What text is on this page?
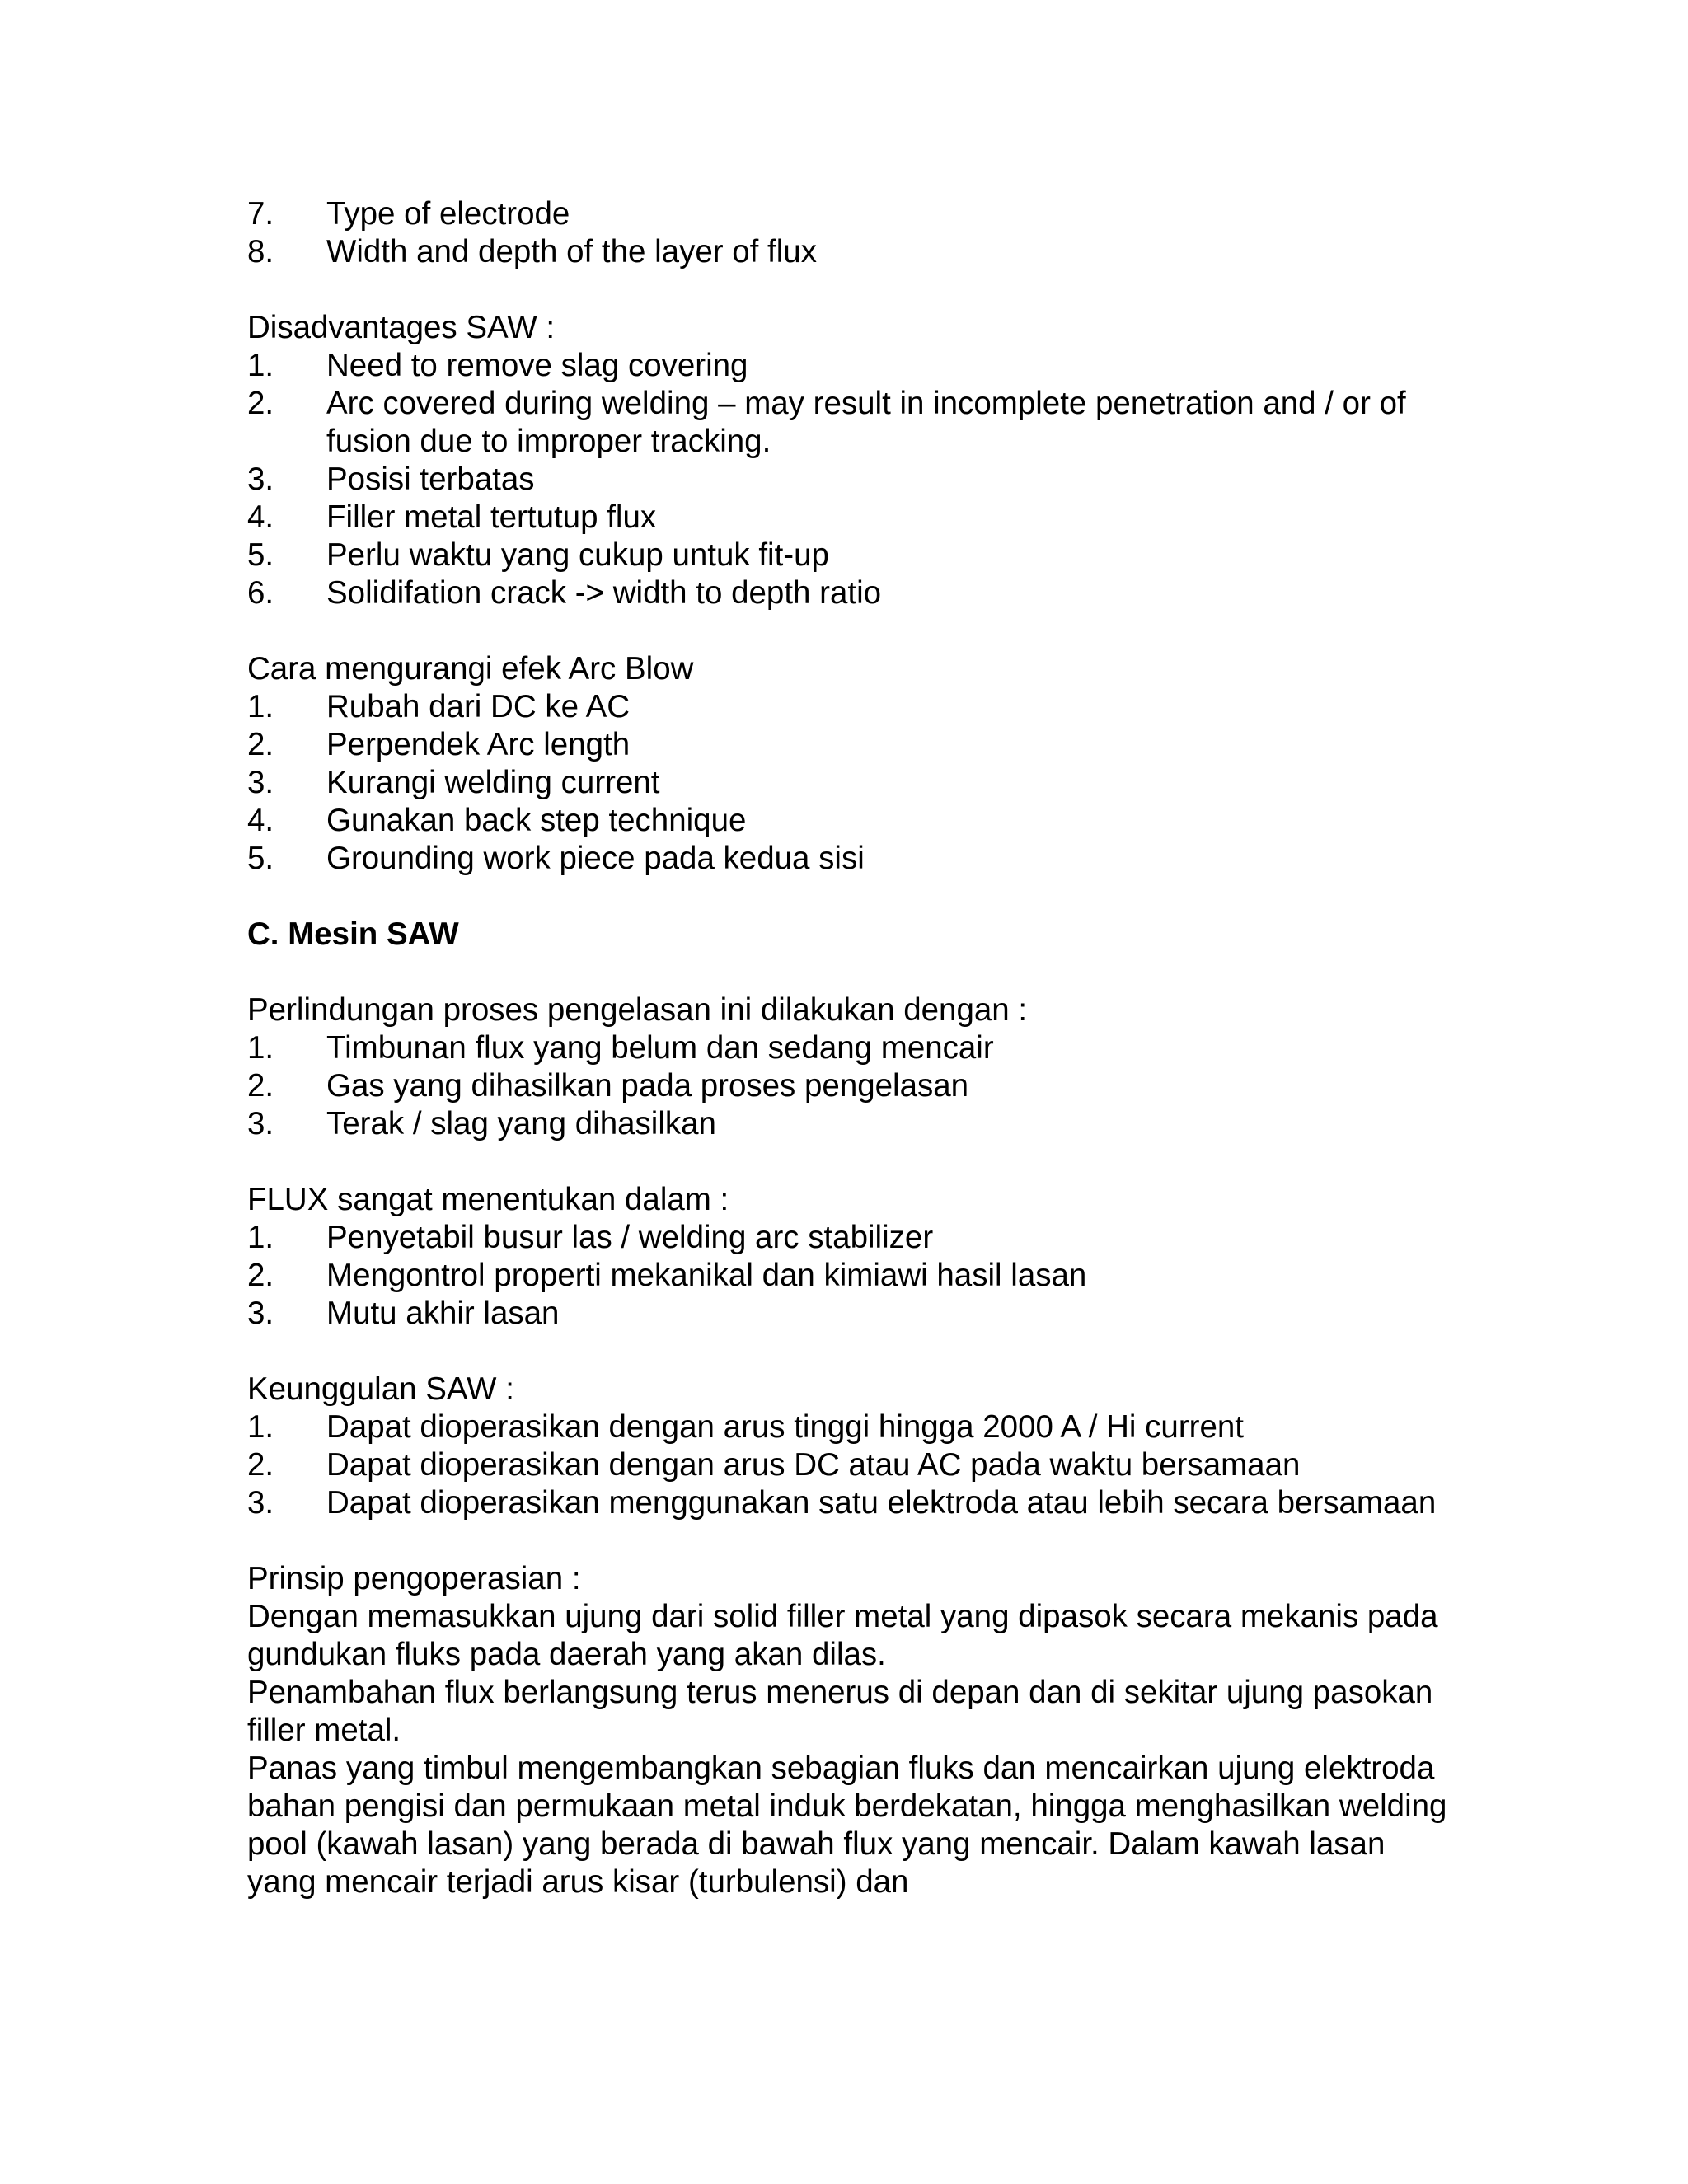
7. Type of electrode
8. Width and depth of the layer of flux

Disadvantages SAW :

1. Need to remove slag covering
2. Arc covered during welding – may result in incomplete penetration and / or of fusion due to improper tracking.
3. Posisi terbatas
4. Filler metal tertutup flux
5. Perlu waktu yang cukup untuk fit-up
6. Solidifation crack -> width to depth ratio

Cara mengurangi efek Arc Blow

1. Rubah dari DC ke AC
2. Perpendek Arc length
3. Kurangi welding current
4. Gunakan back step technique
5. Grounding work piece pada kedua sisi

C. Mesin SAW

Perlindungan proses pengelasan ini dilakukan dengan :

1. Timbunan flux yang belum dan sedang mencair
2. Gas yang dihasilkan pada proses pengelasan
3. Terak / slag yang dihasilkan

FLUX sangat menentukan dalam :

1. Penyetabil busur las / welding arc stabilizer
2. Mengontrol properti mekanikal dan kimiawi hasil lasan
3. Mutu akhir lasan

Keunggulan SAW :

1. Dapat dioperasikan dengan arus tinggi hingga 2000 A / Hi current
2. Dapat dioperasikan dengan arus DC atau AC pada waktu bersamaan
3. Dapat dioperasikan menggunakan satu elektroda atau lebih secara bersamaan

Prinsip pengoperasian :

Dengan memasukkan ujung dari solid filler metal yang dipasok secara mekanis pada gundukan fluks pada daerah yang akan dilas.

Penambahan flux berlangsung terus menerus di depan dan di sekitar ujung pasokan filler metal.

Panas yang timbul mengembangkan sebagian fluks dan mencairkan ujung elektroda bahan pengisi dan permukaan metal induk berdekatan, hingga menghasilkan welding pool (kawah lasan) yang berada di bawah flux yang mencair. Dalam kawah lasan yang mencair terjadi arus kisar (turbulensi) dan
